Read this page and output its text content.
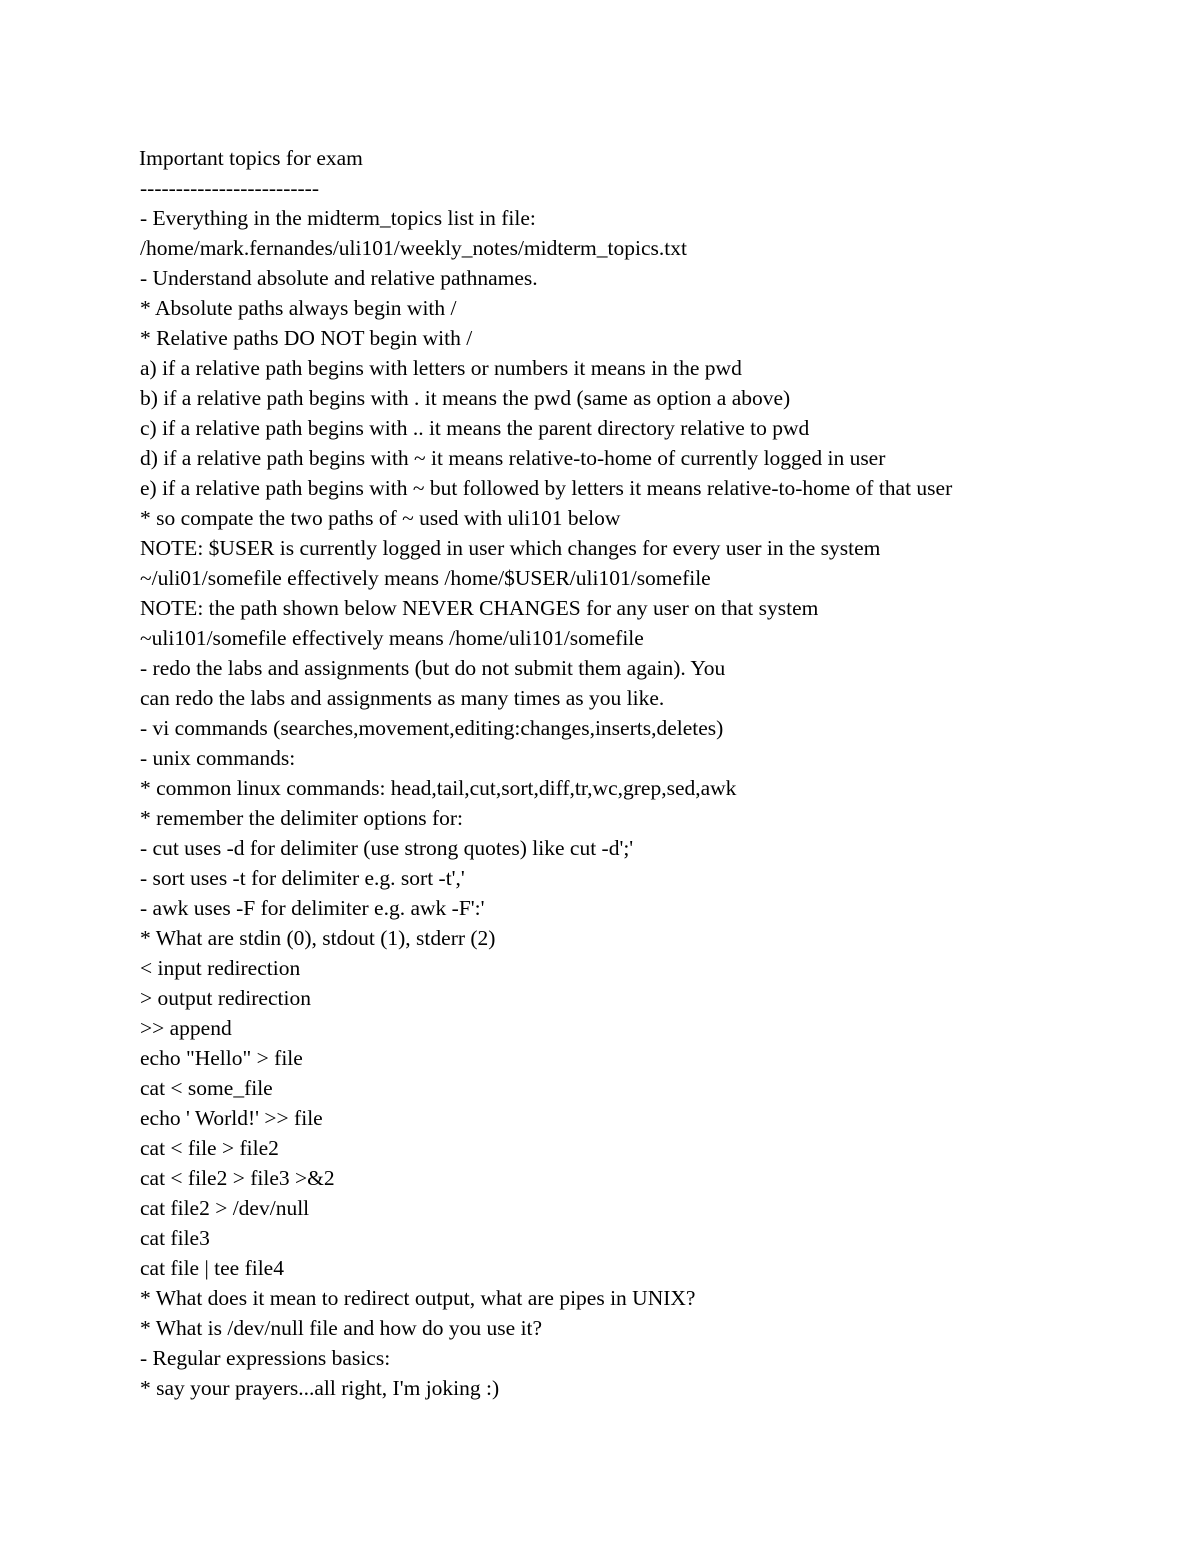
Important topics for exam
-------------------------
- Everything in the midterm_topics list in file:
/home/mark.fernandes/uli101/weekly_notes/midterm_topics.txt
- Understand absolute and relative pathnames.
* Absolute paths always begin with /
* Relative paths DO NOT begin with /
a) if a relative path begins with letters or numbers it means in the pwd
b) if a relative path begins with . it means the pwd (same as option a above)
c) if a relative path begins with .. it means the parent directory relative to pwd
d) if a relative path begins with ~ it means relative-to-home of currently logged in user
e) if a relative path begins with ~ but followed by letters it means relative-to-home of that user
* so compate the two paths of ~ used with uli101 below
NOTE: $USER is currently logged in user which changes for every user in the system
~/uli01/somefile effectively means /home/$USER/uli101/somefile
NOTE: the path shown below NEVER CHANGES for any user on that system
~uli101/somefile effectively means /home/uli101/somefile
- redo the labs and assignments (but do not submit them again). You
can redo the labs and assignments as many times as you like.
- vi commands (searches,movement,editing:changes,inserts,deletes)
- unix commands:
* common linux commands: head,tail,cut,sort,diff,tr,wc,grep,sed,awk
* remember the delimiter options for:
- cut uses -d for delimiter (use strong quotes) like cut -d';'
- sort uses -t for delimiter e.g. sort -t','
- awk uses -F for delimiter e.g. awk -F':'
* What are stdin (0), stdout (1), stderr (2)
< input redirection
> output redirection
>> append
echo "Hello" > file
cat < some_file
echo ' World!' >> file
cat < file > file2
cat < file2 > file3 >&2
cat file2 > /dev/null
cat file3
cat file | tee file4
* What does it mean to redirect output, what are pipes in UNIX?
* What is /dev/null file and how do you use it?
- Regular expressions basics:
* say your prayers...all right, I'm joking :)
